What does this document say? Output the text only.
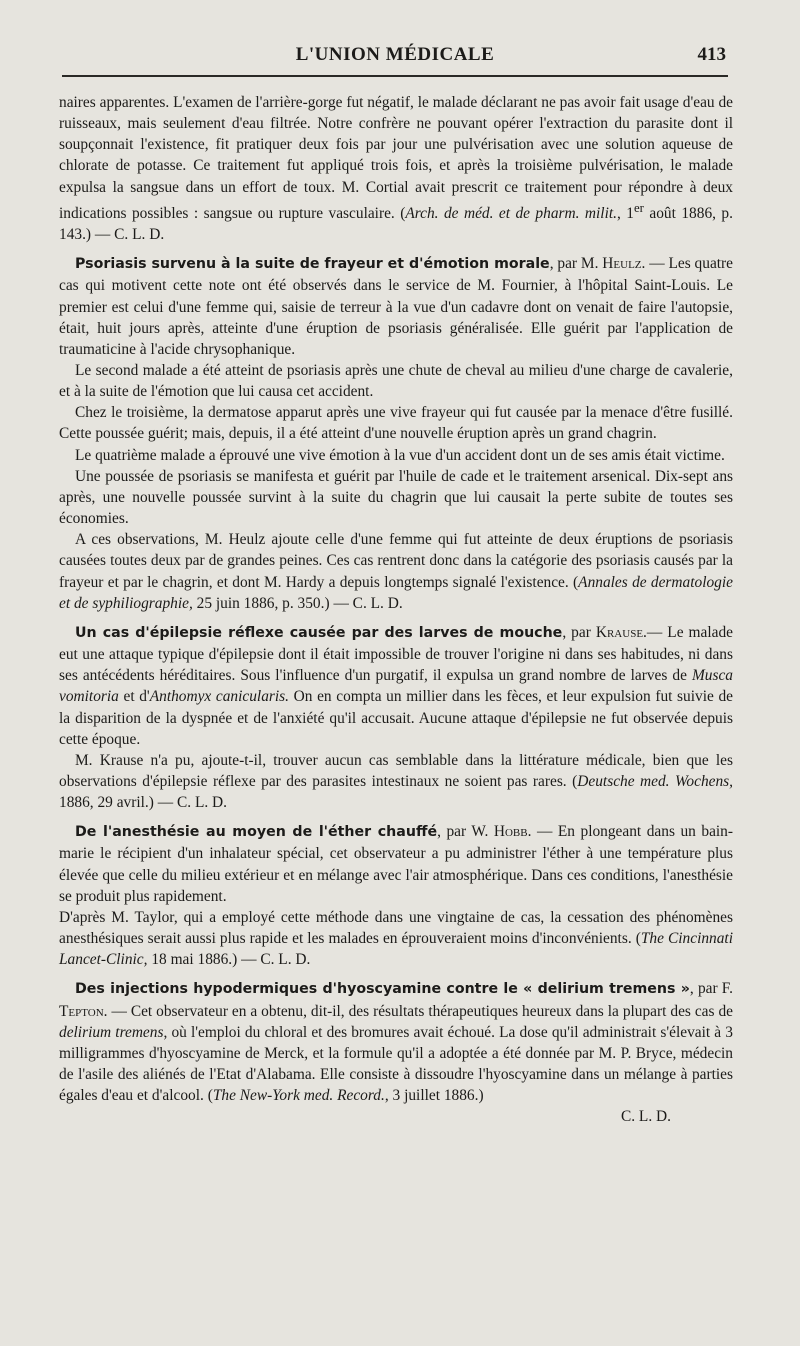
L'UNION MÉDICALE	413

naires apparentes. L'examen de l'arrière-gorge fut négatif, le malade déclarant ne pas avoir fait usage d'eau de ruisseaux, mais seulement d'eau filtrée. Notre confrère ne pouvant opérer l'extraction du parasite dont il soupçonnait l'existence, fit pratiquer deux fois par jour une pulvérisation avec une solution aqueuse de chlorate de potasse. Ce traitement fut appliqué trois fois, et après la troisième pulvérisation, le malade expulsa la sangsue dans un effort de toux. M. Cortial avait prescrit ce traitement pour répondre à deux indications possibles : sangsue ou rupture vasculaire. (Arch. de méd. et de pharm. milit., 1er août 1886, p. 143.) — C. L. D.

Psoriasis survenu à la suite de frayeur et d'émotion morale, par M. Heulz. — Les quatre cas qui motivent cette note ont été observés dans le service de M. Fournier, à l'hôpital Saint-Louis. Le premier est celui d'une femme qui, saisie de terreur à la vue d'un cadavre dont on venait de faire l'autopsie, était, huit jours après, atteinte d'une éruption de psoriasis généralisée. Elle guérit par l'application de traumaticine à l'acide chrysophanique.

Le second malade a été atteint de psoriasis après une chute de cheval au milieu d'une charge de cavalerie, et à la suite de l'émotion que lui causa cet accident.

Chez le troisième, la dermatose apparut après une vive frayeur qui fut causée par la menace d'être fusillé. Cette poussée guérit; mais, depuis, il a été atteint d'une nouvelle éruption après un grand chagrin.

Le quatrième malade a éprouvé une vive émotion à la vue d'un accident dont un de ses amis était victime.

Une poussée de psoriasis se manifesta et guérit par l'huile de cade et le traitement arsenical. Dix-sept ans après, une nouvelle poussée survint à la suite du chagrin que lui causait la perte subite de toutes ses économies.

A ces observations, M. Heulz ajoute celle d'une femme qui fut atteinte de deux éruptions de psoriasis causées toutes deux par de grandes peines. Ces cas rentrent donc dans la catégorie des psoriasis causés par la frayeur et par le chagrin, et dont M. Hardy a depuis longtemps signalé l'existence. (Annales de dermatologie et de syphiliographie, 25 juin 1886, p. 350.) — C. L. D.

Un cas d'épilepsie réflexe causée par des larves de mouche, par Krause.— Le malade eut une attaque typique d'épilepsie dont il était impossible de trouver l'origine ni dans ses habitudes, ni dans ses antécédents héréditaires. Sous l'influence d'un purgatif, il expulsa un grand nombre de larves de Musca vomitoria et d'Anthomyx canicularis. On en compta un millier dans les fèces, et leur expulsion fut suivie de la disparition de la dyspnée et de l'anxiété qu'il accusait. Aucune attaque d'épilepsie ne fut observée depuis cette époque.

M. Krause n'a pu, ajoute-t-il, trouver aucun cas semblable dans la littérature médicale, bien que les observations d'épilepsie réflexe par des parasites intestinaux ne soient pas rares. (Deutsche med. Wochens, 1886, 29 avril.) — C. L. D.

De l'anesthésie au moyen de l'éther chauffé, par W. Hobb. — En plongeant dans un bain-marie le récipient d'un inhalateur spécial, cet observateur a pu administrer l'éther à une température plus élevée que celle du milieu extérieur et en mélange avec l'air atmosphérique. Dans ces conditions, l'anesthésie se produit plus rapidement.

D'après M. Taylor, qui a employé cette méthode dans une vingtaine de cas, la cessation des phénomènes anesthésiques serait aussi plus rapide et les malades en éprouveraient moins d'inconvénients. (The Cincinnati Lancet-Clinic, 18 mai 1886.) — C. L. D.

Des injections hypodermiques d'hyoscyamine contre le « delirium tremens », par F. Tepton. — Cet observateur en a obtenu, dit-il, des résultats thérapeutiques heureux dans la plupart des cas de delirium tremens, où l'emploi du chloral et des bromures avait échoué. La dose qu'il administrait s'élevait à 3 milligrammes d'hyoscyamine de Merck, et la formule qu'il a adoptée a été donnée par M. P. Bryce, médecin de l'asile des aliénés de l'Etat d'Alabama. Elle consiste à dissoudre l'hyoscyamine dans un mélange à parties égales d'eau et d'alcool. (The New-York med. Record., 3 juillet 1886.)

C. L. D.
